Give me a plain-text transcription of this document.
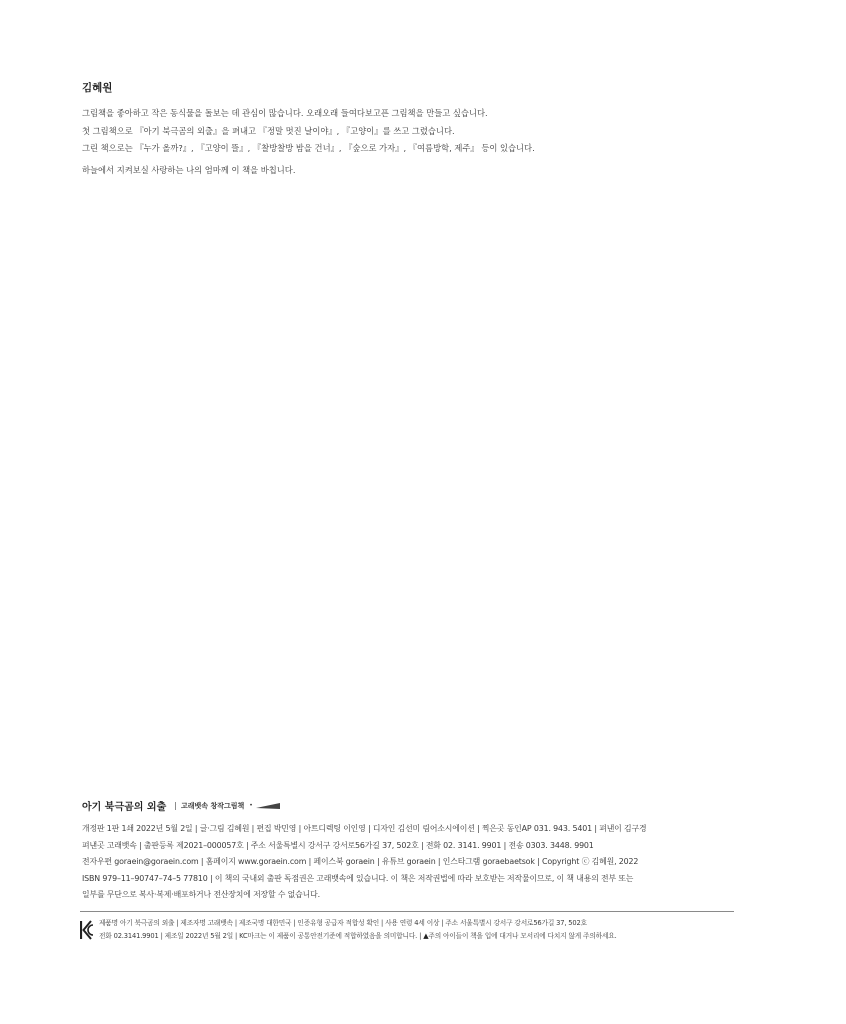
김혜원
그림책을 좋아하고 작은 동식물을 돌보는 데 관심이 많습니다. 오래오래 들여다보고픈 그림책을 만들고 싶습니다.
첫 그림책으로 『아기 북극곰의 외출』을 펴내고 『정말 멋진 날이야』, 『고양이』를 쓰고 그렸습니다.
그린 책으로는 『누가 올까?』, 『고양이 뜰』, 『찰방찰방 밤을 건너』, 『숲으로 가자』, 『여름방학, 제주』 등이 있습니다.
하늘에서 지켜보실 사랑하는 나의 엄마께 이 책을 바칩니다.
아기 북극곰의 외출 | 고래뱃속 창작그림책 •
개정판 1판 1쇄 2022년 5월 2일 | 글·그림 김혜원 | 편집 박민영 | 아트디렉팅 이인영 | 디자인 김선미 림어소시에이션 | 찍은곳 동인AP 031. 943. 5401 | 펴낸이 김구경
펴낸곳 고래뱃속 | 출판등록 제2021–000057호 | 주소 서울특별시 강서구 강서로56가길 37, 502호 | 전화 02. 3141. 9901 | 전송 0303. 3448. 9901
전자우편 goraein@goraein.com | 홈페이지 www.goraein.com | 페이스북 goraein | 유튜브 goraein | 인스타그램 goraebaetsok | Copyright ⓒ 김혜원, 2022
ISBN 979–11–90747–74–5 77810 | 이 책의 국내외 출판 독점권은 고래뱃속에 있습니다. 이 책은 저작권법에 따라 보호받는 저작물이므로, 이 책 내용의 전부 또는
일부를 무단으로 복사·복제·배포하거나 전산장치에 저장할 수 없습니다.
제품명 아기 북극곰의 외출 | 제조자명 고래뱃속 | 제조국명 대한민국 | 인증유형 공급자 적합성 확인 | 사용 연령 4세 이상 | 주소 서울특별시 강서구 강서로56가길 37, 502호
전화 02.3141.9901 | 제조일 2022년 5월 2일 | KC마크는 이 제품이 공통안전기준에 적합하였음을 의미합니다. | ▲주의 아이들이 책을 입에 대거나 모서리에 다치지 않게 주의하세요.
